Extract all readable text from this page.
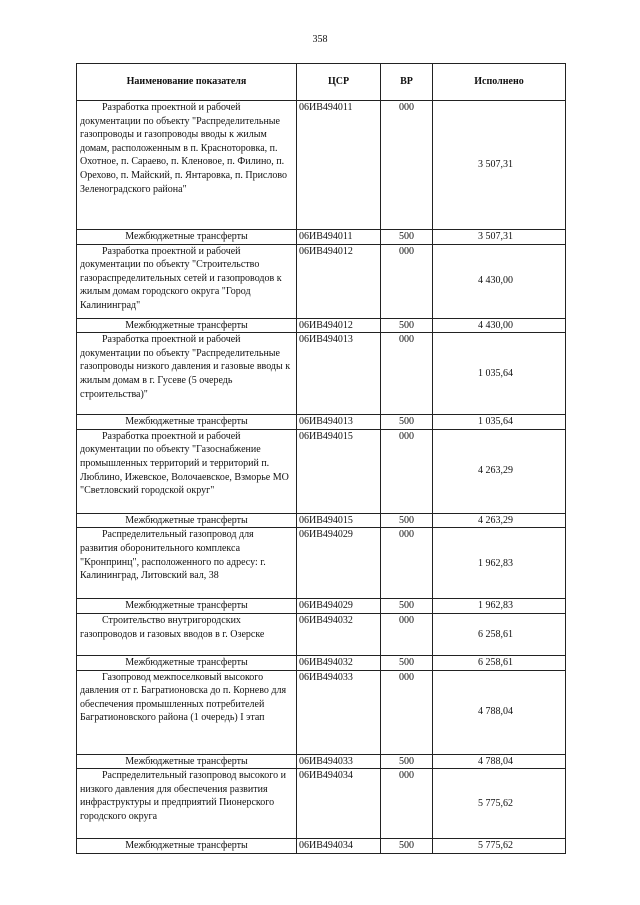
358
Наименование показателя	ЦСР	ВР	Исполнено

Разработка проектной и рабочей документации по объекту "Распределительные газопроводы и газопроводы вводы к жилым домам, расположенным в п. Красноторовка, п. Охотное, п. Сараево, п. Кленовое, п. Филино, п. Орехово, п. Майский, п. Янтаровка, п. Прислово Зеленоградского района"	06ИВ494011	000	3 507,31
Межбюджетные трансферты	06ИВ494011	500	3 507,31

Разработка проектной и рабочей документации по объекту "Строительство газораспределительных сетей и газопроводов к жилым домам городского округа "Город Калининград"	06ИВ494012	000	4 430,00
Межбюджетные трансферты	06ИВ494012	500	4 430,00

Разработка проектной и рабочей документации по объекту "Распределительные газопроводы низкого давления и газовые вводы к жилым домам в г. Гусеве (5 очередь строительства)"	06ИВ494013	000	1 035,64
Межбюджетные трансферты	06ИВ494013	500	1 035,64

Разработка проектной и рабочей документации по объекту "Газоснабжение промышленных территорий и территорий п. Люблино, Ижевское, Волочаевское, Взморье МО "Светловский городской округ"	06ИВ494015	000	4 263,29
Межбюджетные трансферты	06ИВ494015	500	4 263,29

Распределительный газопровод для развития оборонительного комплекса "Кронпринц", расположенного по адресу: г. Калининград, Литовский вал, 38	06ИВ494029	000	1 962,83
Межбюджетные трансферты	06ИВ494029	500	1 962,83

Строительство внутригородских газопроводов и газовых вводов в г. Озерске	06ИВ494032	000	6 258,61
Межбюджетные трансферты	06ИВ494032	500	6 258,61

Газопровод межпоселковый высокого давления от г. Багратионовска до п. Корнево для обеспечения промышленных потребителей Багратионовского района (1 очередь) I этап	06ИВ494033	000	4 788,04
Межбюджетные трансферты	06ИВ494033	500	4 788,04

Распределительный газопровод высокого и низкого давления для обеспечения развития инфраструктуры и предприятий Пионерского городского округа	06ИВ494034	000	5 775,62
Межбюджетные трансферты	06ИВ494034	500	5 775,62
